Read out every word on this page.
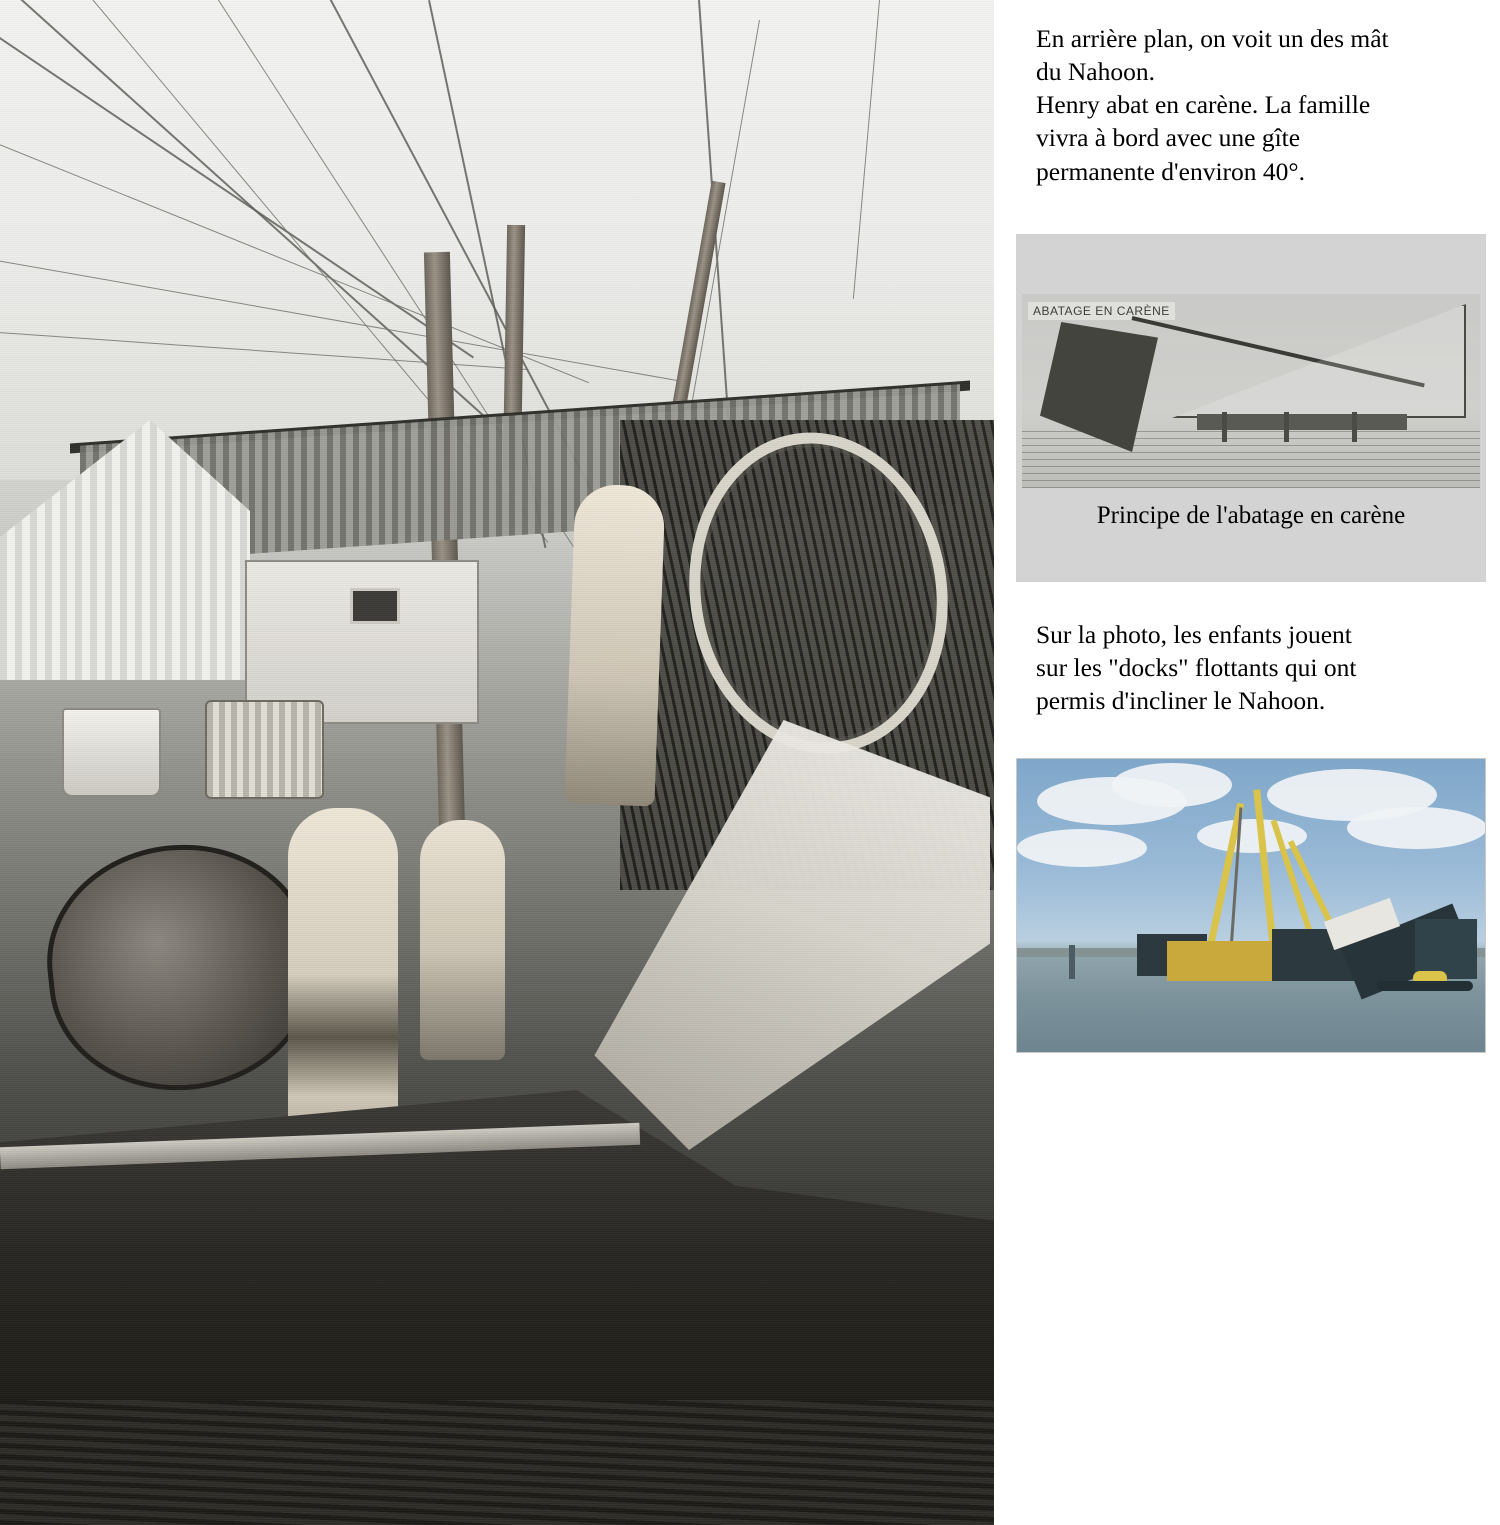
En arrière plan, on voit un des mât

du Nahoon.

Henry abat en carène. La famille

vivra à bord avec une gîte

permanente d'environ 40°.

ABATAGE EN CARÈNE
Principe de l'abatage en carène

Sur la photo, les enfants jouent

sur les "docks" flottants qui ont

permis d'incliner le Nahoon.
